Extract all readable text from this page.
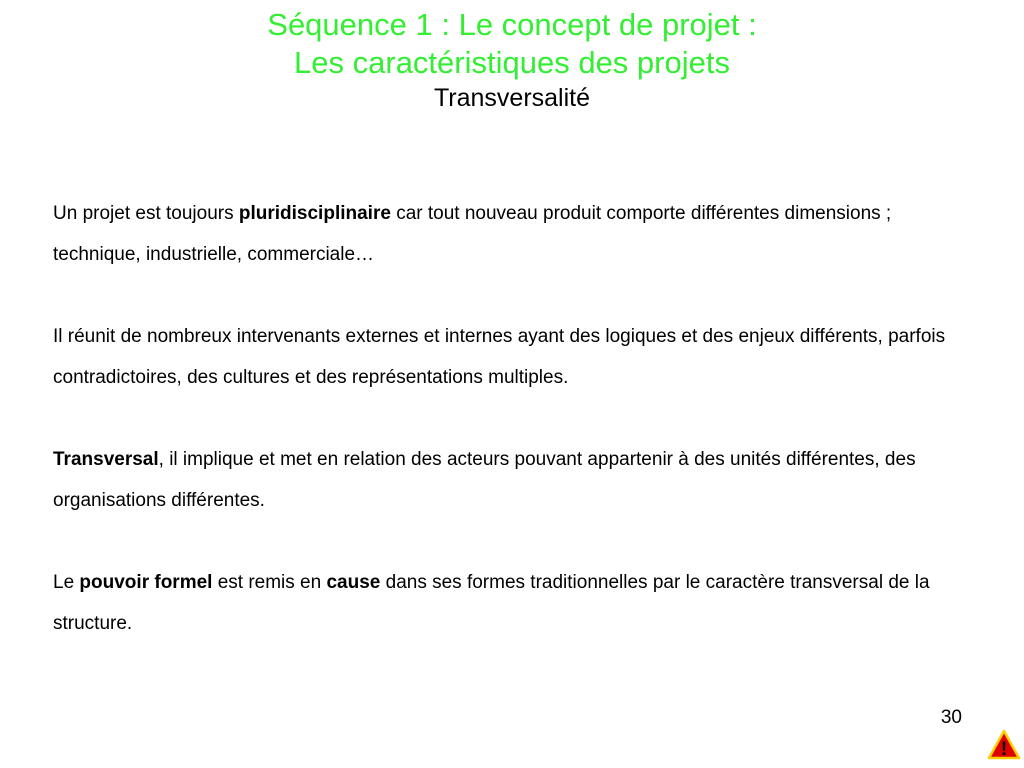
Séquence 1 : Le concept de projet :
Les caractéristiques des projets
Transversalité

Un projet est toujours pluridisciplinaire car tout nouveau produit comporte différentes dimensions ; technique, industrielle, commerciale…

Il réunit de nombreux intervenants externes et internes ayant des logiques et des enjeux différents, parfois contradictoires, des cultures et des représentations multiples.

Transversal, il implique et met en relation des acteurs pouvant appartenir à des unités différentes, des organisations différentes.

Le pouvoir formel est remis en cause dans ses formes traditionnelles par le caractère transversal de la structure.

30
!
